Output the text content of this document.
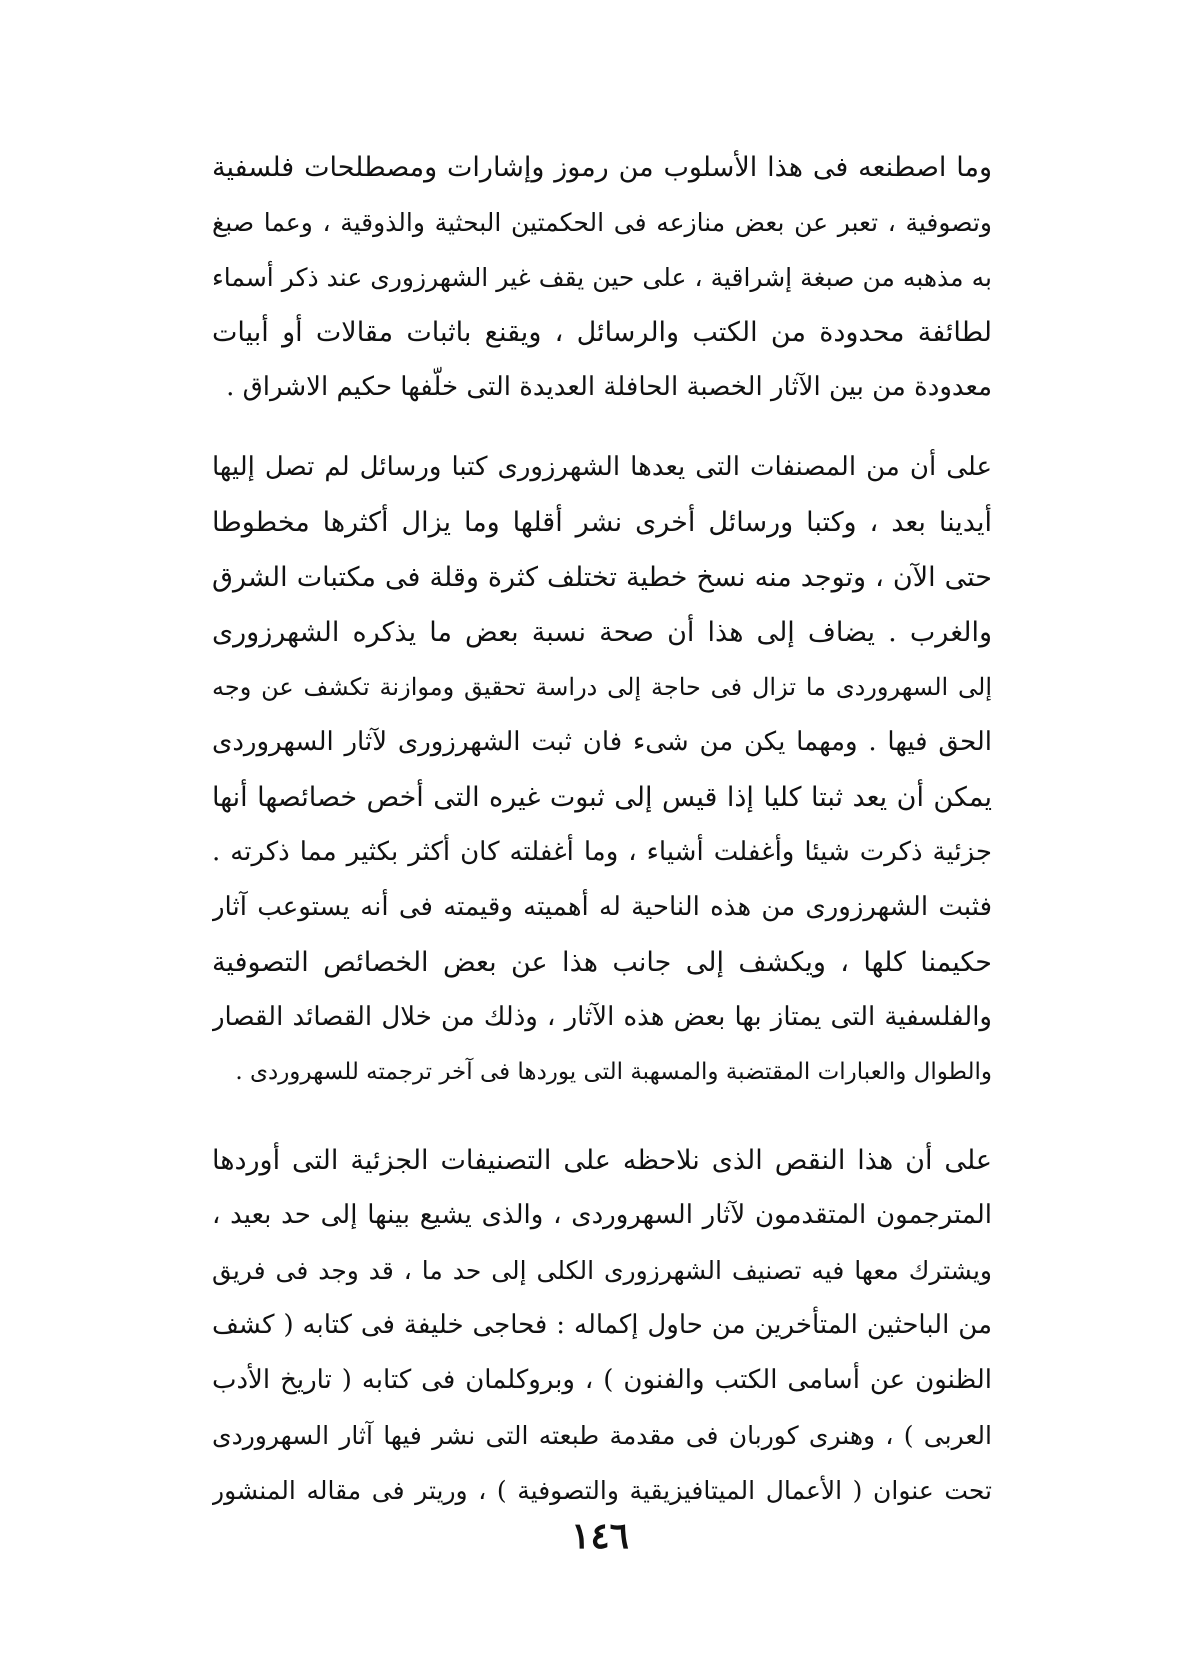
وما اصطنعه فى هذا الأسلوب من رموز وإشارات ومصطلحات فلسفية
وتصوفية ، تعبر عن بعض منازعه فى الحكمتين البحثية والذوقية ، وعما صبغ
به مذهبه من صبغة إشراقية ، على حين يقف غير الشهرزورى عند ذكر أسماء
لطائفة محدودة من الكتب والرسائل ، ويقنع باثبات مقالات أو أبيات
معدودة من بين الآثار الخصبة الحافلة العديدة التى خلّفها حكيم الاشراق .
على أن من المصنفات التى يعدها الشهرزورى كتبا ورسائل لم تصل إليها
أيدينا بعد ، وكتبا ورسائل أخرى نشر أقلها وما يزال أكثرها مخطوطا
حتى الآن ، وتوجد منه نسخ خطية تختلف كثرة وقلة فى مكتبات الشرق
والغرب . يضاف إلى هذا أن صحة نسبة بعض ما يذكره الشهرزورى
إلى السهروردى ما تزال فى حاجة إلى دراسة تحقيق وموازنة تكشف عن وجه
الحق فيها . ومهما يكن من شىء فان ثبت الشهرزورى لآثار السهروردى
يمكن أن يعد ثبتا كليا إذا قيس إلى ثبوت غيره التى أخص خصائصها أنها
جزئية ذكرت شيئا وأغفلت أشياء ، وما أغفلته كان أكثر بكثير مما ذكرته .
فثبت الشهرزورى من هذه الناحية له أهميته وقيمته فى أنه يستوعب آثار
حكيمنا كلها ، ويكشف إلى جانب هذا عن بعض الخصائص التصوفية
والفلسفية التى يمتاز بها بعض هذه الآثار ، وذلك من خلال القصائد القصار
والطوال والعبارات المقتضبة والمسهبة التى يوردها فى آخر ترجمته للسهروردى .
على أن هذا النقص الذى نلاحظه على التصنيفات الجزئية التى أوردها
المترجمون المتقدمون لآثار السهروردى ، والذى يشيع بينها إلى حد بعيد ،
ويشترك معها فيه تصنيف الشهرزورى الكلى إلى حد ما ، قد وجد فى فريق
من الباحثين المتأخرين من حاول إكماله : فحاجى خليفة فى كتابه ( كشف
الظنون عن أسامى الكتب والفنون ) ، وبروكلمان فى كتابه ( تاريخ الأدب
العربى ) ، وهنرى كوربان فى مقدمة طبعته التى نشر فيها آثار السهروردى
تحت عنوان ( الأعمال الميتافيزيقية والتصوفية ) ، وريتر فى مقاله المنشور
١٤٦
